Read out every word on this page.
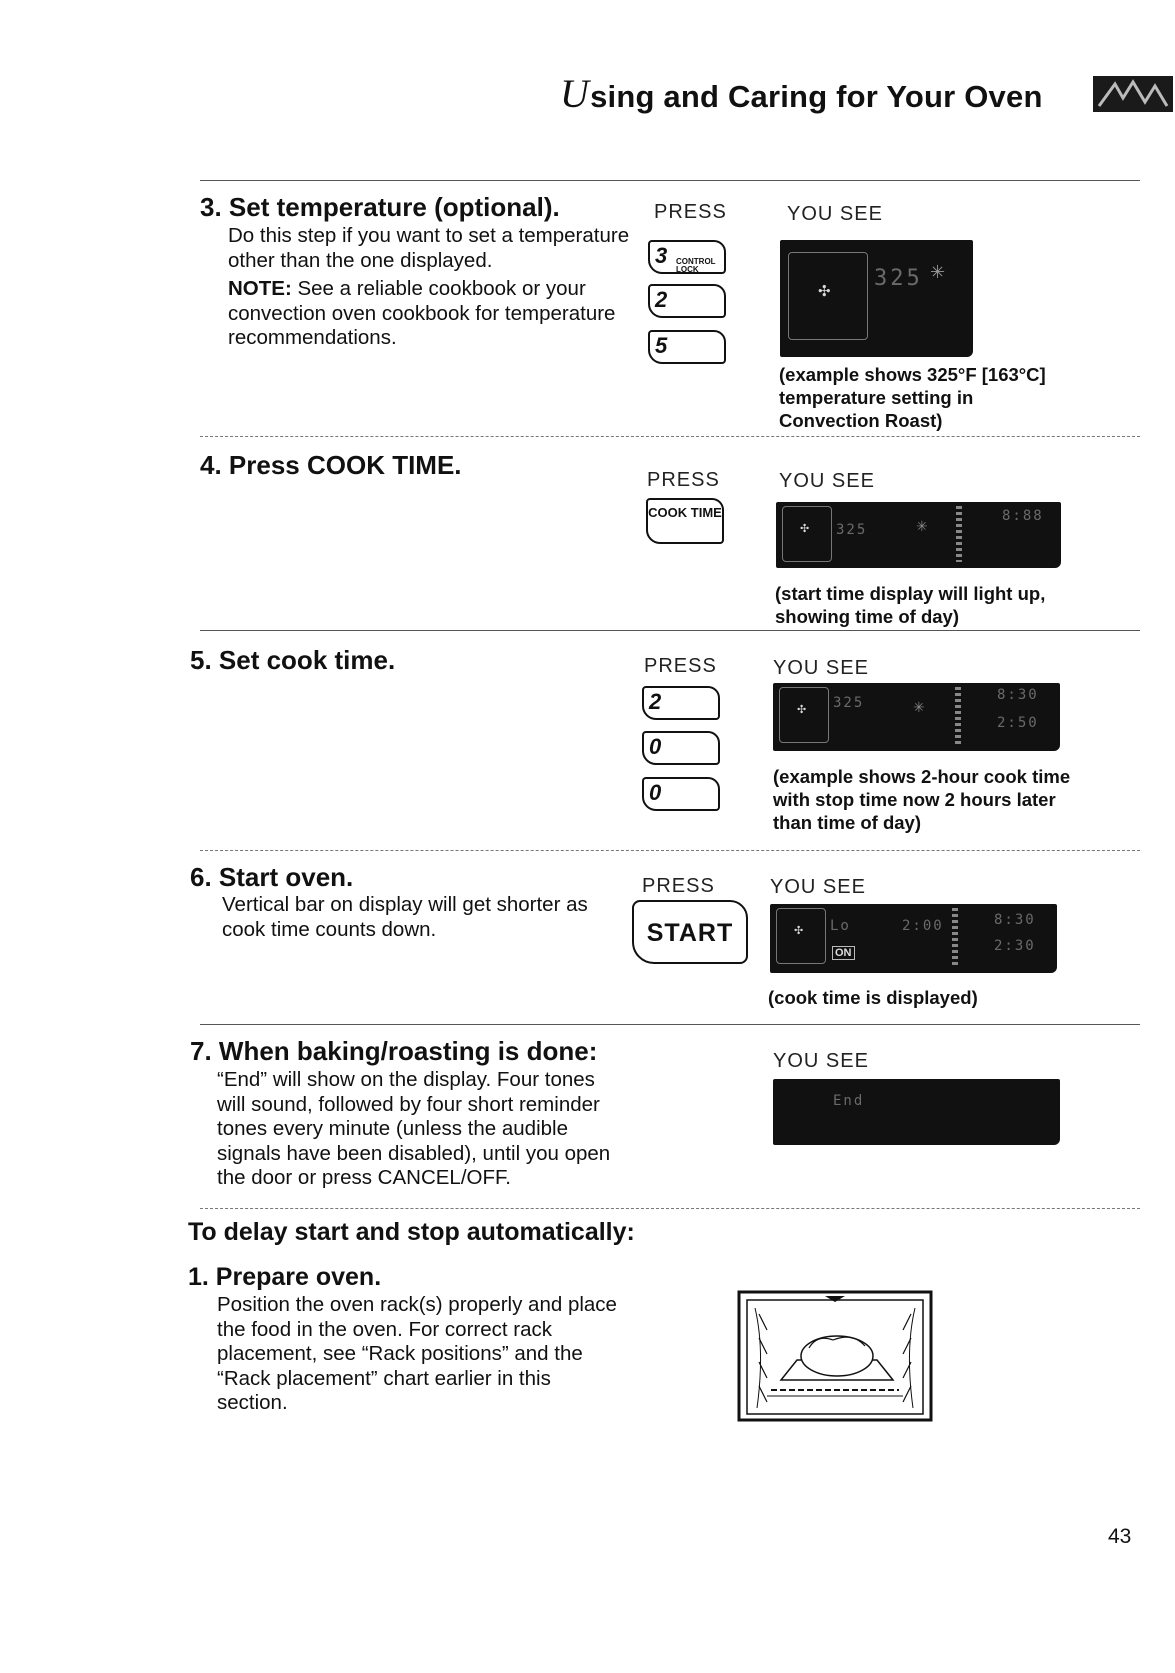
Using and Caring for Your Oven
3. Set temperature (optional).

Do this step if you want to set a temperature other than the one displayed.

NOTE: See a reliable cookbook or your convection oven cookbook for temperature recommendations.

PRESS	YOU SEE
3 CONTROL LOCK
2
5
✣
325 ✳
(example shows 325°F [163°C] temperature setting in Convection Roast)
4. Press COOK TIME.	PRESS	YOU SEE
COOK TIME
✣ 325	✳
8:88
(start time display will light up, showing time of day)
5. Set cook time.	PRESS	YOU SEE
2
0
0
✣ 325	✳
8:30
2:50
(example shows 2-hour cook time with stop time now 2 hours later than time of day)
6. Start oven.
Vertical bar on display will get shorter as cook time counts down.
PRESS	YOU SEE
START	✣
ON
Lo	2:00	8:30
2:30
(cook time is displayed)
7. When baking/roasting is done:
“End” will show on the display. Four tones will sound, followed by four short reminder tones every minute (unless the audible signals have been disabled), until you open the door or press CANCEL/OFF.
YOU SEE
End
To delay start and stop automatically:
1. Prepare oven.
Position the oven rack(s) properly and place the food in the oven. For correct rack placement, see “Rack positions” and the “Rack placement” chart earlier in this section.
43
